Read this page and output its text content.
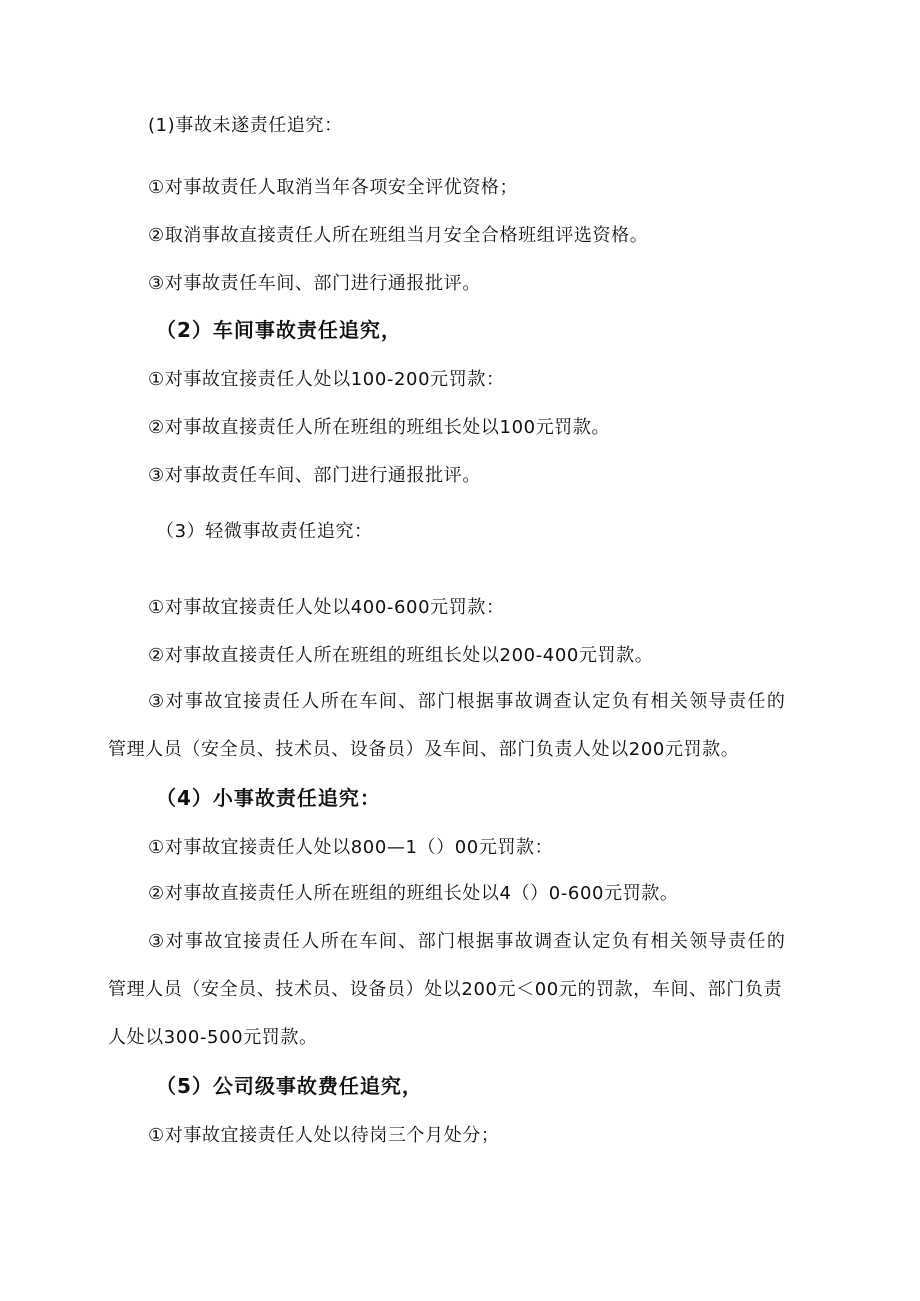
(1)事故未遂责任追究：
①对事故责任人取消当年各项安全评优资格；
②取消事故直接责任人所在班组当月安全合格班组评选资格。
③对事故责任车间、部门进行通报批评。
（2）车间事故责任追究，
①对事故宜接责任人处以100-200元罚款：
②对事故直接责任人所在班组的班组长处以100元罚款。
③对事故责任车间、部门进行通报批评。
（3）轻微事故责任追究：
①对事故宜接责任人处以400-600元罚款：
②对事故直接责任人所在班组的班组长处以200-400元罚款。
③对事故宜接责任人所在车间、部门根据事故调查认定负有相关领导责任的
管理人员（安全员、技术员、设备员）及车间、部门负责人处以200元罚款。
（4）小事故责任追究：
①对事故宜接责任人处以800—1（）00元罚款：
②对事故直接责任人所在班组的班组长处以4（）0-600元罚款。
③对事故宜接责任人所在车间、部门根据事故调查认定负有相关领导责任的
管理人员（安全员、技术员、设备员）处以200元＜00元的罚款，车间、部门负责
人处以300-500元罚款。
（5）公司级事故费任追究，
①对事故宜接责任人处以待岗三个月处分；
